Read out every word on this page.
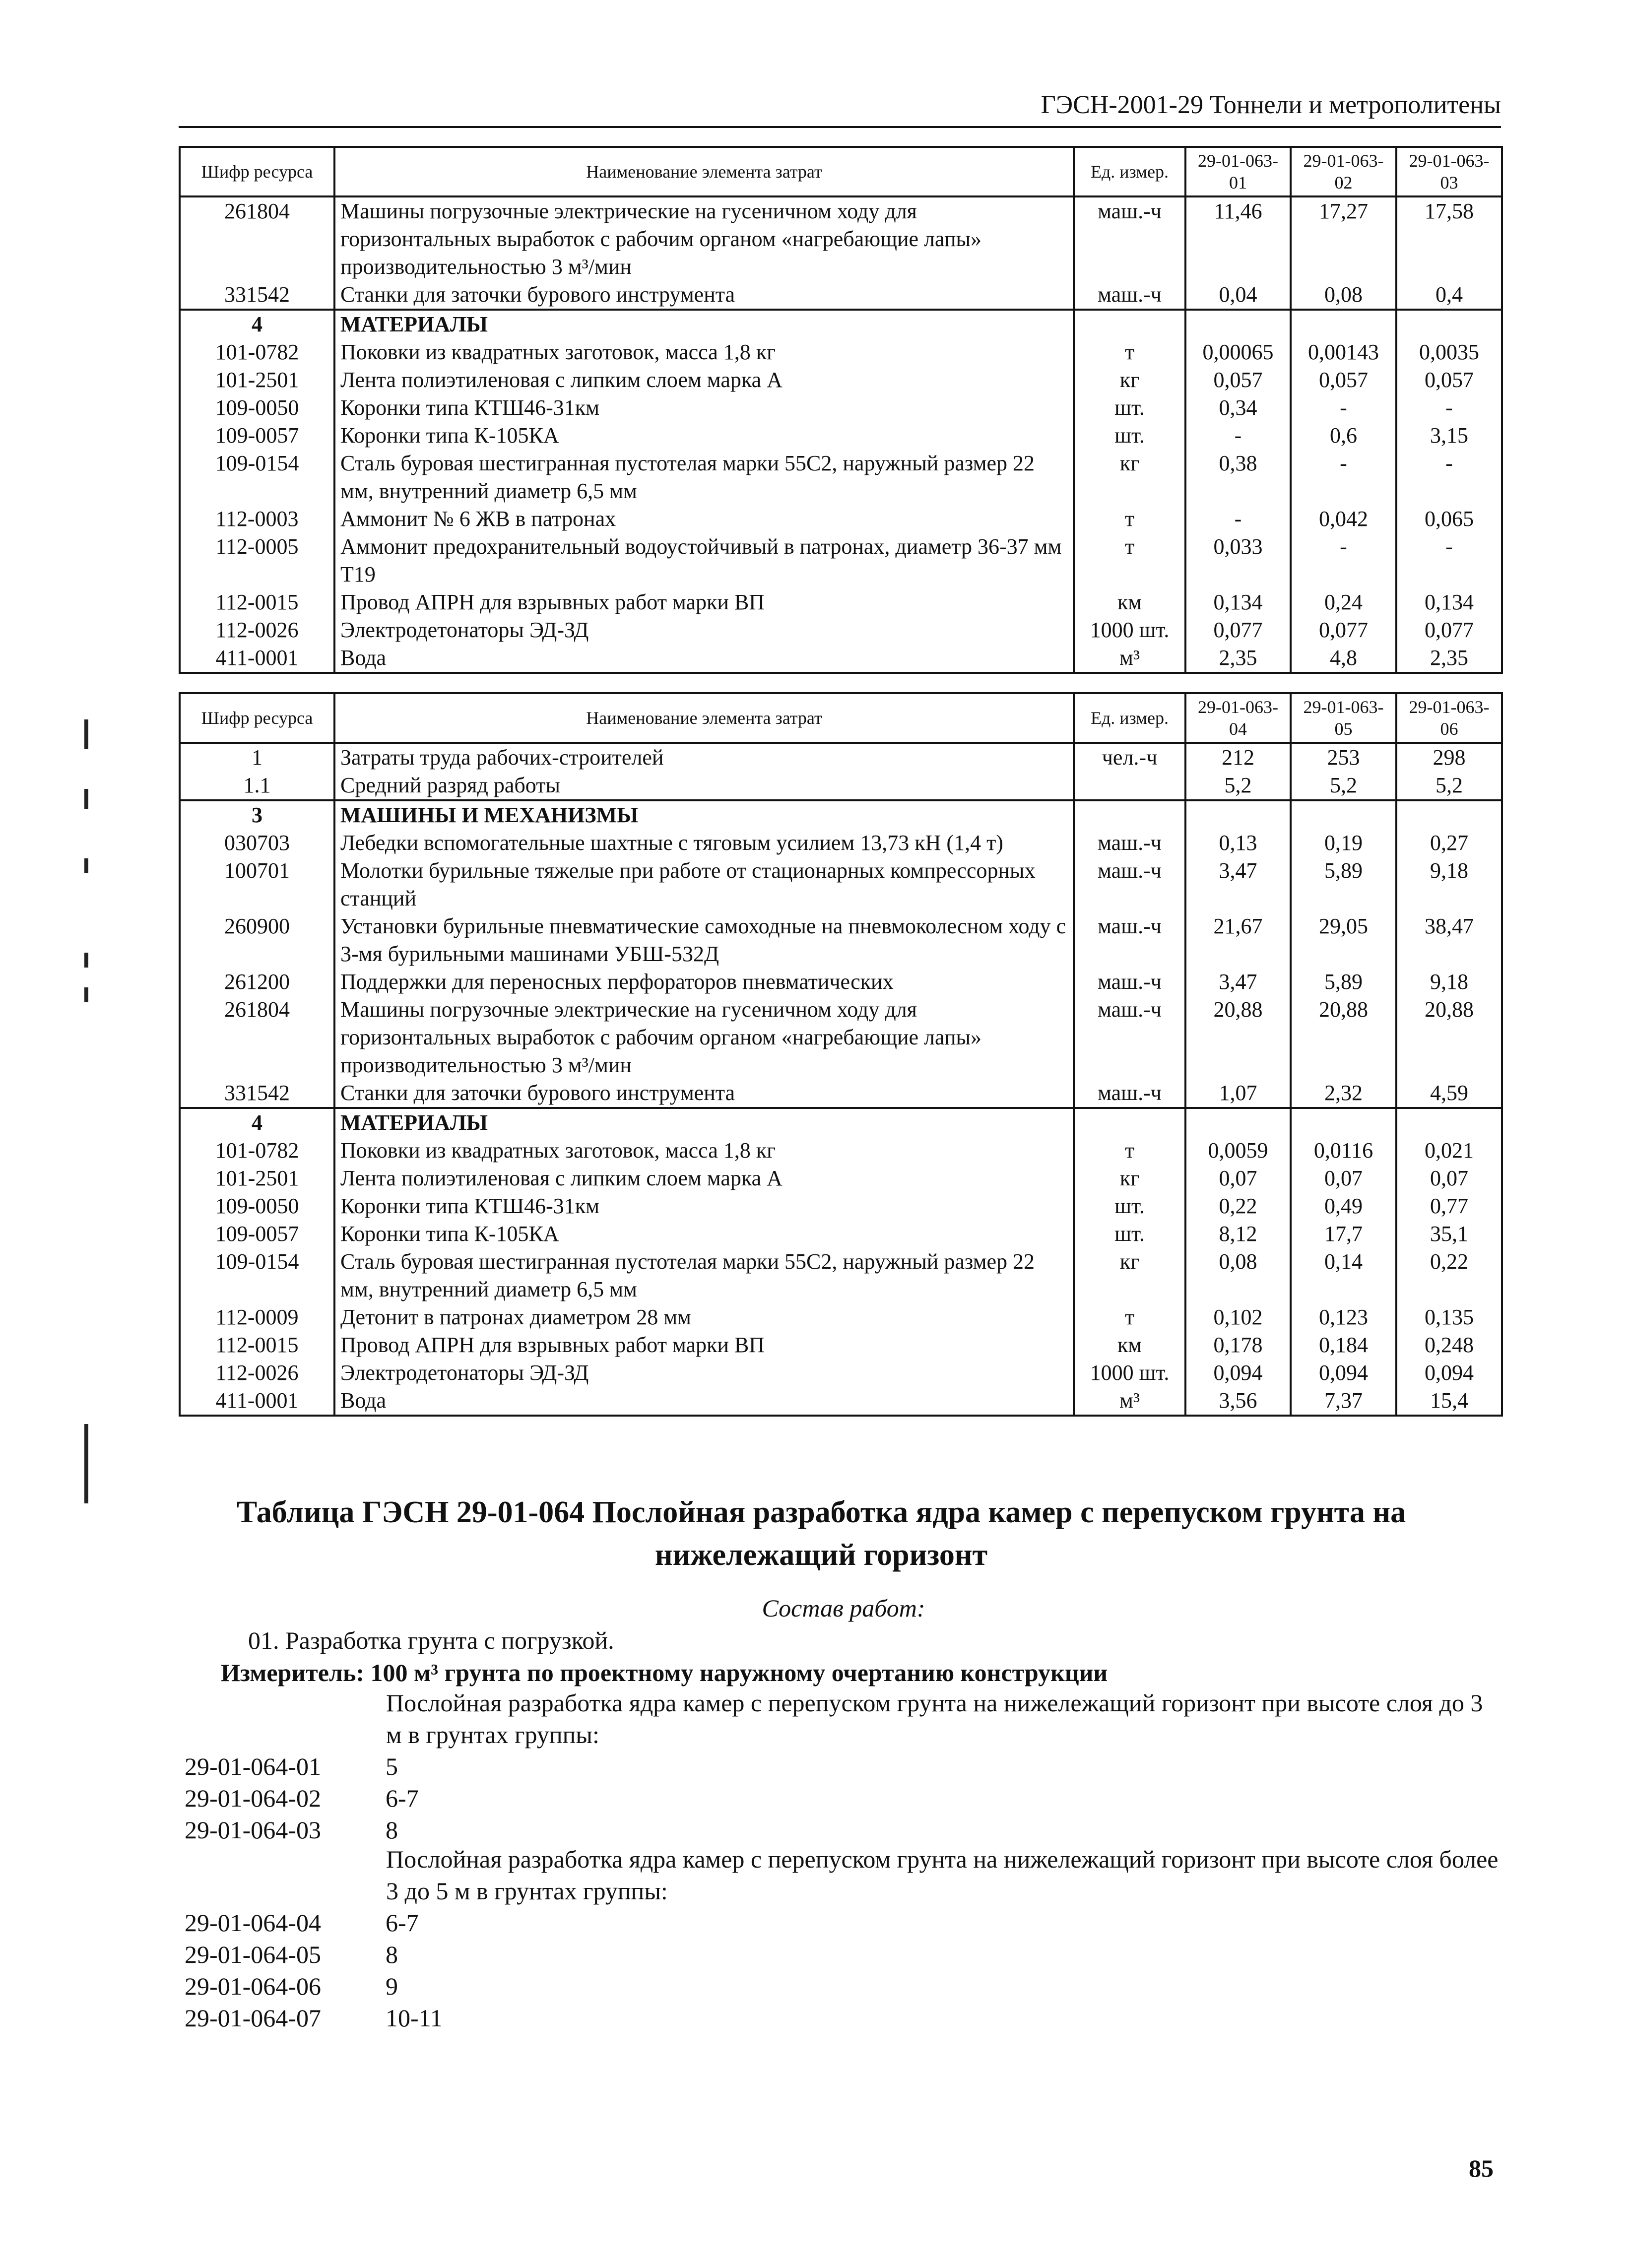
ГЭСН-2001-29 Тоннели и метрополитены
Шифр ресурса	Наименование элемента затрат	Ед. измер.	29-01-063-01	29-01-063-02	29-01-063-03
261804	Машины погрузочные электрические на гусеничном ходу для горизонтальных выработок с рабочим органом «нагребающие лапы» производительностью 3 м³/мин	маш.-ч	11,46	17,27	17,58
331542	Станки для заточки бурового инструмента	маш.-ч	0,04	0,08	0,4
4	МАТЕРИАЛЫ				
101-0782	Поковки из квадратных заготовок, масса 1,8 кг	т	0,00065	0,00143	0,0035
101-2501	Лента полиэтиленовая с липким слоем марка А	кг	0,057	0,057	0,057
109-0050	Коронки типа КТШ46-31км	шт.	0,34	-	-
109-0057	Коронки типа К-105КА	шт.	-	0,6	3,15
109-0154	Сталь буровая шестигранная пустотелая марки 55С2, наружный размер 22 мм, внутренний диаметр 6,5 мм	кг	0,38	-	-
112-0003	Аммонит № 6 ЖВ в патронах	т	-	0,042	0,065
112-0005	Аммонит предохранительный водоустойчивый в патронах, диаметр 36-37 мм Т19	т	0,033	-	-
112-0015	Провод АПРН для взрывных работ марки ВП	км	0,134	0,24	0,134
112-0026	Электродетонаторы ЭД-ЗД	1000 шт.	0,077	0,077	0,077
411-0001	Вода	м³	2,35	4,8	2,35
Шифр ресурса	Наименование элемента затрат	Ед. измер.	29-01-063-04	29-01-063-05	29-01-063-06
1	Затраты труда рабочих-строителей	чел.-ч	212	253	298
1.1	Средний разряд работы		5,2	5,2	5,2
3	МАШИНЫ И МЕХАНИЗМЫ				
030703	Лебедки вспомогательные шахтные с тяговым усилием 13,73 кН (1,4 т)	маш.-ч	0,13	0,19	0,27
100701	Молотки бурильные тяжелые при работе от стационарных компрессорных станций	маш.-ч	3,47	5,89	9,18
260900	Установки бурильные пневматические самоходные на пневмоколесном ходу с 3-мя бурильными машинами УБШ-532Д	маш.-ч	21,67	29,05	38,47
261200	Поддержки для переносных перфораторов пневматических	маш.-ч	3,47	5,89	9,18
261804	Машины погрузочные электрические на гусеничном ходу для горизонтальных выработок с рабочим органом «нагребающие лапы» производительностью 3 м³/мин	маш.-ч	20,88	20,88	20,88
331542	Станки для заточки бурового инструмента	маш.-ч	1,07	2,32	4,59
4	МАТЕРИАЛЫ				
101-0782	Поковки из квадратных заготовок, масса 1,8 кг	т	0,0059	0,0116	0,021
101-2501	Лента полиэтиленовая с липким слоем марка А	кг	0,07	0,07	0,07
109-0050	Коронки типа КТШ46-31км	шт.	0,22	0,49	0,77
109-0057	Коронки типа К-105КА	шт.	8,12	17,7	35,1
109-0154	Сталь буровая шестигранная пустотелая марки 55С2, наружный размер 22 мм, внутренний диаметр 6,5 мм	кг	0,08	0,14	0,22
112-0009	Детонит в патронах диаметром 28 мм	т	0,102	0,123	0,135
112-0015	Провод АПРН для взрывных работ марки ВП	км	0,178	0,184	0,248
112-0026	Электродетонаторы ЭД-ЗД	1000 шт.	0,094	0,094	0,094
411-0001	Вода	м³	3,56	7,37	15,4
Таблица ГЭСН 29-01-064 Послойная разработка ядра камер с перепуском грунта на нижележащий горизонт
Состав работ:
01. Разработка грунта с погрузкой.
Измеритель: 100 м³ грунта по проектному наружному очертанию конструкции
Послойная разработка ядра камер с перепуском грунта на нижележащий горизонт при высоте слоя до 3 м в грунтах группы:
29-01-064-01	5
29-01-064-02	6-7
29-01-064-03	8
Послойная разработка ядра камер с перепуском грунта на нижележащий горизонт при высоте слоя более 3 до 5 м в грунтах группы:
29-01-064-04	6-7
29-01-064-05	8
29-01-064-06	9
29-01-064-07	10-11
85
